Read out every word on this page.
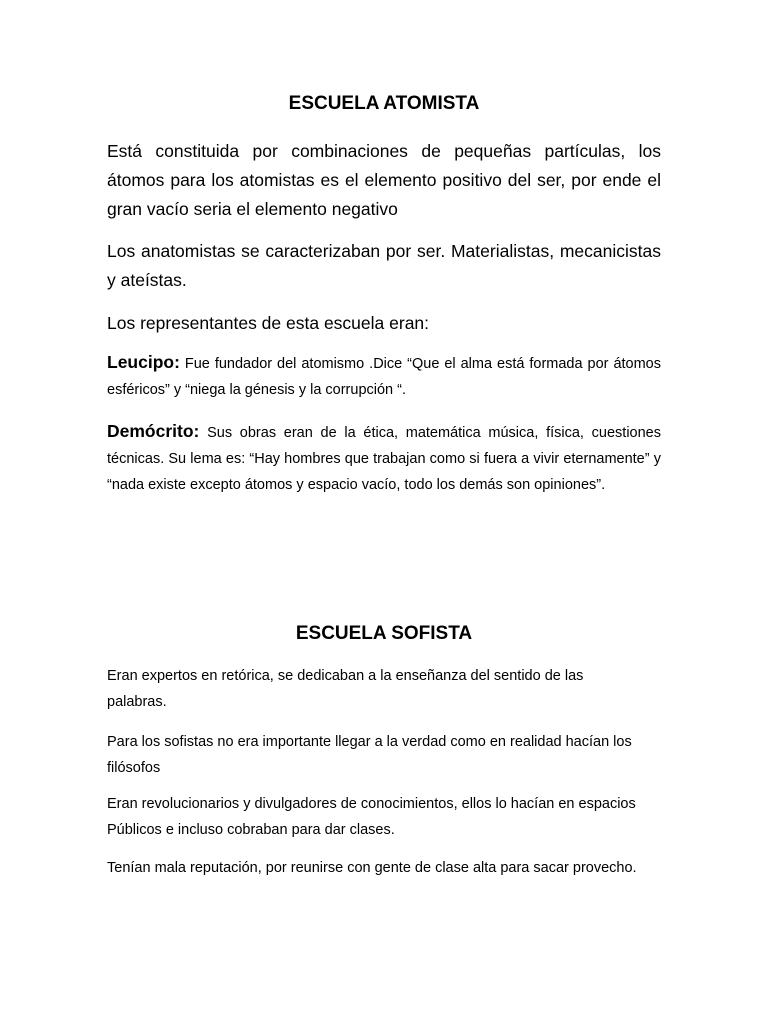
ESCUELA ATOMISTA

Está constituida por combinaciones de pequeñas partículas, los átomos para los atomistas es el elemento positivo del ser, por ende el gran vacío seria el elemento negativo

Los anatomistas se caracterizaban por ser. Materialistas, mecanicistas y ateístas.

Los representantes de esta escuela eran:

Leucipo: Fue fundador del atomismo .Dice “Que el alma está formada por átomos esféricos” y “niega la génesis y la corrupción “.

Demócrito: Sus obras eran de la ética, matemática música, física, cuestiones técnicas. Su lema es: “Hay hombres que trabajan como si fuera a vivir eternamente” y “nada existe excepto átomos y espacio vacío, todo los demás son opiniones”.

ESCUELA SOFISTA

Eran expertos en retórica, se dedicaban a la enseñanza del sentido de las palabras.

Para los sofistas no era importante llegar a la verdad como en realidad hacían los filósofos

Eran revolucionarios y divulgadores de conocimientos, ellos lo hacían en espacios Públicos e incluso cobraban para dar clases.

Tenían mala reputación, por reunirse con gente de clase alta para sacar provecho.
